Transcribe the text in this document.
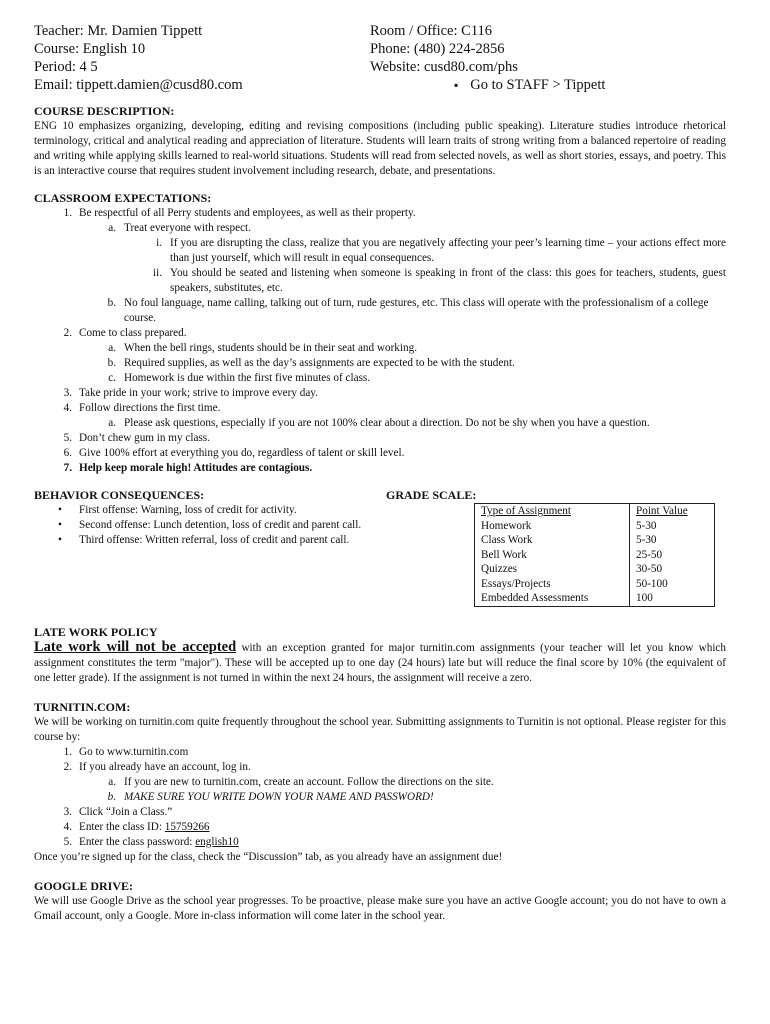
Teacher: Mr. Damien Tippett
Course: English 10
Period: 4 5
Email: tippett.damien@cusd80.com
Room / Office: C116
Phone: (480) 224-2856
Website: cusd80.com/phs
▪ Go to STAFF > Tippett
COURSE DESCRIPTION:
ENG 10 emphasizes organizing, developing, editing and revising compositions (including public speaking). Literature studies introduce rhetorical terminology, critical and analytical reading and appreciation of literature. Students will learn traits of strong writing from a balanced repertoire of reading and writing while applying skills learned to real-world situations. Students will read from selected novels, as well as short stories, essays, and poetry. This is an interactive course that requires student involvement including research, debate, and presentations.
CLASSROOM EXPECTATIONS:
1. Be respectful of all Perry students and employees, as well as their property.
a. Treat everyone with respect.
i. If you are disrupting the class, realize that you are negatively affecting your peer’s learning time – your actions effect more than just yourself, which will result in equal consequences.
ii. You should be seated and listening when someone is speaking in front of the class: this goes for teachers, students, guest speakers, substitutes, etc.
b. No foul language, name calling, talking out of turn, rude gestures, etc. This class will operate with the professionalism of a college course.
2. Come to class prepared.
a. When the bell rings, students should be in their seat and working.
b. Required supplies, as well as the day’s assignments are expected to be with the student.
c. Homework is due within the first five minutes of class.
3. Take pride in your work; strive to improve every day.
4. Follow directions the first time.
a. Please ask questions, especially if you are not 100% clear about a direction. Do not be shy when you have a question.
5. Don’t chew gum in my class.
6. Give 100% effort at everything you do, regardless of talent or skill level.
7. Help keep morale high! Attitudes are contagious.
BEHAVIOR CONSEQUENCES:
• First offense: Warning, loss of credit for activity.
• Second offense: Lunch detention, loss of credit and parent call.
• Third offense: Written referral, loss of credit and parent call.
GRADE SCALE:
Type of Assignment	Point Value
Homework	5-30
Class Work	5-30
Bell Work	25-50
Quizzes	30-50
Essays/Projects	50-100
Embedded Assessments	100
LATE WORK POLICY
Late work will not be accepted with an exception granted for major turnitin.com assignments (your teacher will let you know which assignment constitutes the term "major"). These will be accepted up to one day (24 hours) late but will reduce the final score by 10% (the equivalent of one letter grade). If the assignment is not turned in within the next 24 hours, the assignment will receive a zero.
TURNITIN.COM:
We will be working on turnitin.com quite frequently throughout the school year. Submitting assignments to Turnitin is not optional. Please register for this course by:
1. Go to www.turnitin.com
2. If you already have an account, log in.
a. If you are new to turnitin.com, create an account. Follow the directions on the site.
b. MAKE SURE YOU WRITE DOWN YOUR NAME AND PASSWORD!
3. Click “Join a Class.”
4. Enter the class ID: 15759266
5. Enter the class password: english10
Once you’re signed up for the class, check the “Discussion” tab, as you already have an assignment due!
GOOGLE DRIVE:
We will use Google Drive as the school year progresses. To be proactive, please make sure you have an active Google account; you do not have to own a Gmail account, only a Google. More in-class information will come later in the school year.
